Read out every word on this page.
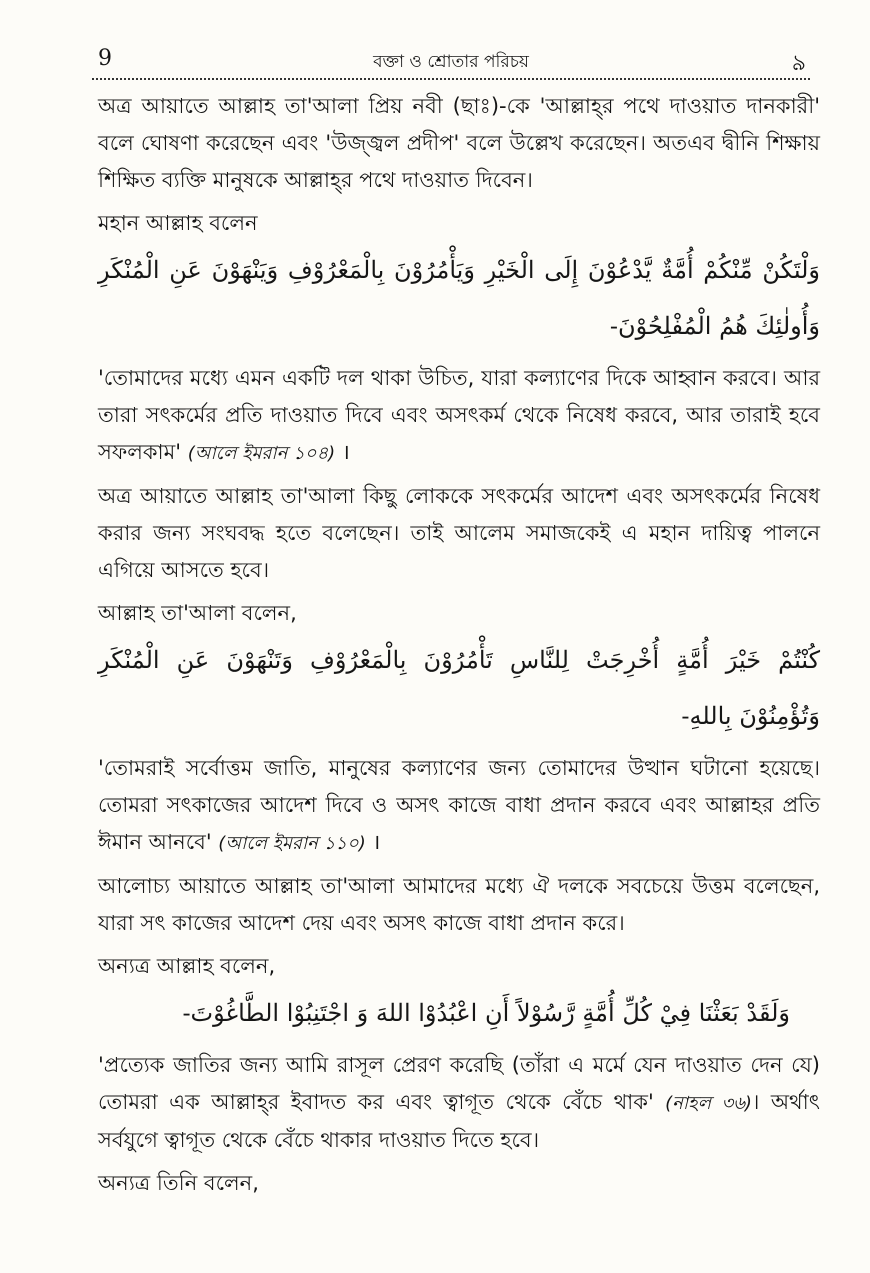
9	বক্তা ও শ্রোতার পরিচয়	৯

অত্র আয়াতে আল্লাহ তা'আলা প্রিয় নবী (ছাঃ)-কে 'আল্লাহ্‌র পথে দাওয়াত দানকারী' বলে ঘোষণা করেছেন এবং 'উজ্জ্বল প্রদীপ' বলে উল্লেখ করেছেন। অতএব দ্বীনি শিক্ষায় শিক্ষিত ব্যক্তি মানুষকে আল্লাহ্‌র পথে দাওয়াত দিবেন।

মহান আল্লাহ বলেন

وَلْتَكُنْ مِّنْكُمْ أُمَّةٌ يَّدْعُوْنَ إِلَى الْخَيْرِ وَيَأْمُرُوْنَ بِالْمَعْرُوْفِ وَيَنْهَوْنَ عَنِ الْمُنْكَرِ وَأُولٰئِكَ هُمُ الْمُفْلِحُوْنَ-

'তোমাদের মধ্যে এমন একটি দল থাকা উচিত, যারা কল্যাণের দিকে আহ্বান করবে। আর তারা সৎকর্মের প্রতি দাওয়াত দিবে এবং অসৎকর্ম থেকে নিষেধ করবে, আর তারাই হবে সফলকাম' (আলে ইমরান ১০৪) ।

অত্র আয়াতে আল্লাহ তা'আলা কিছু লোককে সৎকর্মের আদেশ এবং অসৎকর্মের নিষেধ করার জন্য সংঘবদ্ধ হতে বলেছেন। তাই আলেম সমাজকেই এ মহান দায়িত্ব পালনে এগিয়ে আসতে হবে।

আল্লাহ তা'আলা বলেন,

كُنْتُمْ خَيْرَ أُمَّةٍ أُخْرِجَتْ لِلنَّاسِ تَأْمُرُوْنَ بِالْمَعْرُوْفِ وَتَنْهَوْنَ عَنِ الْمُنْكَرِ وَتُؤْمِنُوْنَ بِاللهِ-

'তোমরাই সর্বোত্তম জাতি, মানুষের কল্যাণের জন্য তোমাদের উত্থান ঘটানো হয়েছে। তোমরা সৎকাজের আদেশ দিবে ও অসৎ কাজে বাধা প্রদান করবে এবং আল্লাহর প্রতি ঈমান আনবে' (আলে ইমরান ১১০) ।

আলোচ্য আয়াতে আল্লাহ তা'আলা আমাদের মধ্যে ঐ দলকে সবচেয়ে উত্তম বলেছেন, যারা সৎ কাজের আদেশ দেয় এবং অসৎ কাজে বাধা প্রদান করে।

অন্যত্র আল্লাহ বলেন,

وَلَقَدْ بَعَثْنَا فِيْ كُلِّ أُمَّةٍ رَّسُوْلاً أَنِ اعْبُدُوْا اللهَ وَ اجْتَنِبُوْا الطَّاغُوْتَ-

'প্রত্যেক জাতির জন্য আমি রাসূল প্রেরণ করেছি (তাঁরা এ মর্মে যেন দাওয়াত দেন যে) তোমরা এক আল্লাহ্‌র ইবাদত কর এবং ত্বাগূত থেকে বেঁচে থাক' (নাহল ৩৬)। অর্থাৎ সর্বযুগে ত্বাগূত থেকে বেঁচে থাকার দাওয়াত দিতে হবে।

অন্যত্র তিনি বলেন,
